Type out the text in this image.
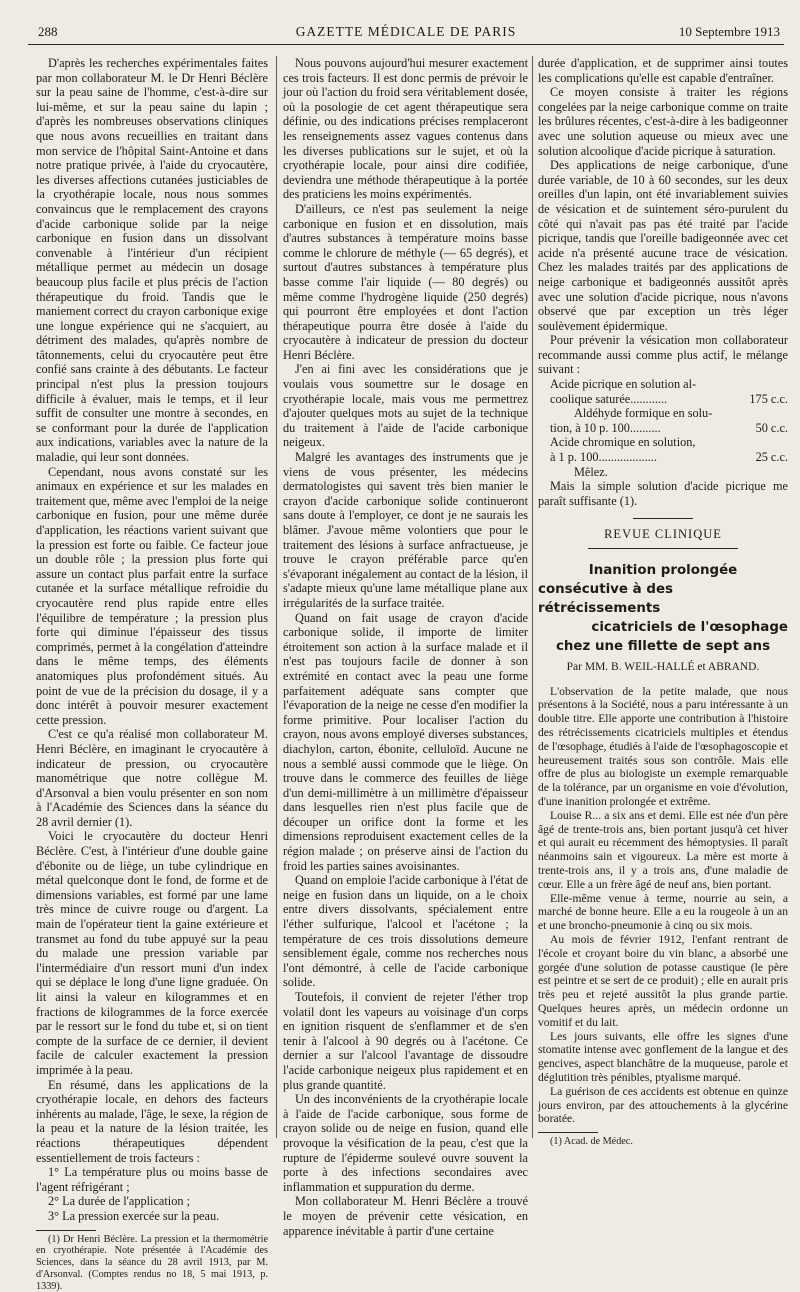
288	GAZETTE MÉDICALE DE PARIS	10 Septembre 1913

D'après les recherches expérimentales faites par mon collaborateur M. le Dr Henri Béclère sur la peau saine de l'homme, c'est-à-dire sur lui-même, et sur la peau saine du lapin ; d'après les nombreuses observations cliniques que nous avons recueillies en traitant dans mon service de l'hôpital Saint-Antoine et dans notre pratique privée, à l'aide du cryocautère, les diverses affections cutanées justiciables de la cryothérapie locale, nous nous sommes convaincus que le remplacement des crayons d'acide carbonique solide par la neige carbonique en fusion dans un dissolvant convenable à l'intérieur d'un récipient métallique permet au médecin un dosage beaucoup plus facile et plus précis de l'action thérapeutique du froid. Tandis que le maniement correct du crayon carbonique exige une longue expérience qui ne s'acquiert, au détriment des malades, qu'après nombre de tâtonnements, celui du cryocautère peut être confié sans crainte à des débutants. Le facteur principal n'est plus la pression toujours difficile à évaluer, mais le temps, et il leur suffit de consulter une montre à secondes, en se conformant pour la durée de l'application aux indications, variables avec la nature de la maladie, qui leur sont données.

Cependant, nous avons constaté sur les animaux en expérience et sur les malades en traitement que, même avec l'emploi de la neige carbonique en fusion, pour une même durée d'application, les réactions varient suivant que la pression est forte ou faible. Ce facteur joue un double rôle ; la pression plus forte qui assure un contact plus parfait entre la surface cutanée et la surface métallique refroidie du cryocautère rend plus rapide entre elles l'équilibre de température ; la pression plus forte qui diminue l'épaisseur des tissus comprimés, permet à la congélation d'atteindre dans le même temps, des éléments anatomiques plus profondément situés. Au point de vue de la précision du dosage, il y a donc intérêt à pouvoir mesurer exactement cette pression.

C'est ce qu'a réalisé mon collaborateur M. Henri Béclère, en imaginant le cryocautère à indicateur de pression, ou cryocautère manométrique que notre collègue M. d'Arsonval a bien voulu présenter en son nom à l'Académie des Sciences dans la séance du 28 avril dernier (1).

Voici le cryocautère du docteur Henri Béclère. C'est, à l'intérieur d'une double gaine d'ébonite ou de liège, un tube cylindrique en métal quelconque dont le fond, de forme et de dimensions variables, est formé par une lame très mince de cuivre rouge ou d'argent. La main de l'opérateur tient la gaine extérieure et transmet au fond du tube appuyé sur la peau du malade une pression variable par l'intermédiaire d'un ressort muni d'un index qui se déplace le long d'une ligne graduée. On lit ainsi la valeur en kilogrammes et en fractions de kilogrammes de la force exercée par le ressort sur le fond du tube et, si on tient compte de la surface de ce dernier, il devient facile de calculer exactement la pression imprimée à la peau.

En résumé, dans les applications de la cryothérapie locale, en dehors des facteurs inhérents au malade, l'âge, le sexe, la région de la peau et la nature de la lésion traitée, les réactions thérapeutiques dépendent essentiellement de trois facteurs :

1° La température plus ou moins basse de l'agent réfrigérant ;

2° La durée de l'application ;

3° La pression exercée sur la peau.

(1) Dr Henri Béclère. La pression et la thermométrie en cryothérapie. Note présentée à l'Académie des Sciences, dans la séance du 28 avril 1913, par M. d'Arsonval. (Comptes rendus no 18, 5 mai 1913, p. 1339).

Nous pouvons aujourd'hui mesurer exactement ces trois facteurs. Il est donc permis de prévoir le jour où l'action du froid sera véritablement dosée, où la posologie de cet agent thérapeutique sera définie, ou des indications précises remplaceront les renseignements assez vagues contenus dans les diverses publications sur le sujet, et où la cryothérapie locale, pour ainsi dire codifiée, deviendra une méthode thérapeutique à la portée des praticiens les moins expérimentés.

D'ailleurs, ce n'est pas seulement la neige carbonique en fusion et en dissolution, mais d'autres substances à température moins basse comme le chlorure de méthyle (— 65 degrés), et surtout d'autres substances à température plus basse comme l'air liquide (— 80 degrés) ou même comme l'hydrogène liquide (250 degrés) qui pourront être employées et dont l'action thérapeutique pourra être dosée à l'aide du cryocautère à indicateur de pression du docteur Henri Béclère.

J'en ai fini avec les considérations que je voulais vous soumettre sur le dosage en cryothérapie locale, mais vous me permettrez d'ajouter quelques mots au sujet de la technique du traitement à l'aide de l'acide carbonique neigeux.

Malgré les avantages des instruments que je viens de vous présenter, les médecins dermatologistes qui savent très bien manier le crayon d'acide carbonique solide continueront sans doute à l'employer, ce dont je ne saurais les blâmer. J'avoue même volontiers que pour le traitement des lésions à surface anfractueuse, je trouve le crayon préférable parce qu'en s'évaporant inégalement au contact de la lésion, il s'adapte mieux qu'une lame métallique plane aux irrégularités de la surface traitée.

Quand on fait usage de crayon d'acide carbonique solide, il importe de limiter étroitement son action à la surface malade et il n'est pas toujours facile de donner à son extrémité en contact avec la peau une forme parfaitement adéquate sans compter que l'évaporation de la neige ne cesse d'en modifier la forme primitive. Pour localiser l'action du crayon, nous avons employé diverses substances, diachylon, carton, ébonite, celluloïd. Aucune ne nous a semblé aussi commode que le liège. On trouve dans le commerce des feuilles de liège d'un demi-millimètre à un millimètre d'épaisseur dans lesquelles rien n'est plus facile que de découper un orifice dont la forme et les dimensions reproduisent exactement celles de la région malade ; on préserve ainsi de l'action du froid les parties saines avoisinantes.

Quand on emploie l'acide carbonique à l'état de neige en fusion dans un liquide, on a le choix entre divers dissolvants, spécialement entre l'éther sulfurique, l'alcool et l'acétone ; la température de ces trois dissolutions demeure sensiblement égale, comme nos recherches nous l'ont démontré, à celle de l'acide carbonique solide.

Toutefois, il convient de rejeter l'éther trop volatil dont les vapeurs au voisinage d'un corps en ignition risquent de s'enflammer et de s'en tenir à l'alcool à 90 degrés ou à l'acétone. Ce dernier a sur l'alcool l'avantage de dissoudre l'acide carbonique neigeux plus rapidement et en plus grande quantité.

Un des inconvénients de la cryothérapie locale à l'aide de l'acide carbonique, sous forme de crayon solide ou de neige en fusion, quand elle provoque la vésification de la peau, c'est que la rupture de l'épiderme soulevé ouvre souvent la porte à des infections secondaires avec inflammation et suppuration du derme.

Mon collaborateur M. Henri Béclère a trouvé le moyen de prévenir cette vésication, en apparence inévitable à partir d'une certaine

durée d'application, et de supprimer ainsi toutes les complications qu'elle est capable d'entraîner.

Ce moyen consiste à traiter les régions congelées par la neige carbonique comme on traite les brûlures récentes, c'est-à-dire à les badigeonner avec une solution aqueuse ou mieux avec une solution alcoolique d'acide picrique à saturation.

Des applications de neige carbonique, d'une durée variable, de 10 à 60 secondes, sur les deux oreilles d'un lapin, ont été invariablement suivies de vésication et de suintement séro-purulent du côté qui n'avait pas pas été traité par l'acide picrique, tandis que l'oreille badigeonnée avec cet acide n'a présenté aucune trace de vésication. Chez les malades traités par des applications de neige carbonique et badigeonnés aussitôt après avec une solution d'acide picrique, nous n'avons observé que par exception un très léger soulèvement épidermique.

Pour prévenir la vésication mon collaborateur recommande aussi comme plus actif, le mélange suivant :

Acide picrique en solution al-
coolique saturée............	175 c.c.
Aldéhyde formique en solu-
tion, à 10 p. 100..........	50 c.c.
Acide chromique en solution,
à 1 p. 100...................	25 c.c.
Mêlez.

Mais la simple solution d'acide picrique me paraît suffisante (1).

REVUE CLINIQUE
Inanition prolongée
consécutive à des rétrécissements
cicatriciels de l'œsophage
chez une fillette de sept ans
Par MM. B. WEIL-HALLÉ et ABRAND.

L'observation de la petite malade, que nous présentons à la Société, nous a paru intéressante à un double titre. Elle apporte une contribution à l'histoire des rétrécissements cicatriciels multiples et étendus de l'œsophage, étudiés à l'aide de l'œsophagoscopie et heureusement traités sous son contrôle. Mais elle offre de plus au biologiste un exemple remarquable de la tolérance, par un organisme en voie d'évolution, d'une inanition prolongée et extrême.

Louise R... a six ans et demi. Elle est née d'un père âgé de trente-trois ans, bien portant jusqu'à cet hiver et qui aurait eu récemment des hémoptysies. Il paraît néanmoins sain et vigoureux. La mère est morte à trente-trois ans, il y a trois ans, d'une maladie de cœur. Elle a un frère âgé de neuf ans, bien portant.

Elle-même venue à terme, nourrie au sein, a marché de bonne heure. Elle a eu la rougeole à un an et une broncho-pneumonie à cinq ou six mois.

Au mois de février 1912, l'enfant rentrant de l'école et croyant boire du vin blanc, a absorbé une gorgée d'une solution de potasse caustique (le père est peintre et se sert de ce produit) ; elle en aurait pris très peu et rejeté aussitôt la plus grande partie. Quelques heures après, un médecin ordonne un vomitif et du lait.

Les jours suivants, elle offre les signes d'une stomatite intense avec gonflement de la langue et des gencives, aspect blanchâtre de la muqueuse, parole et déglutition très pénibles, ptyalisme marqué.

La guérison de ces accidents est obtenue en quinze jours environ, par des attouchements à la glycérine boratée.

(1) Acad. de Médec.
